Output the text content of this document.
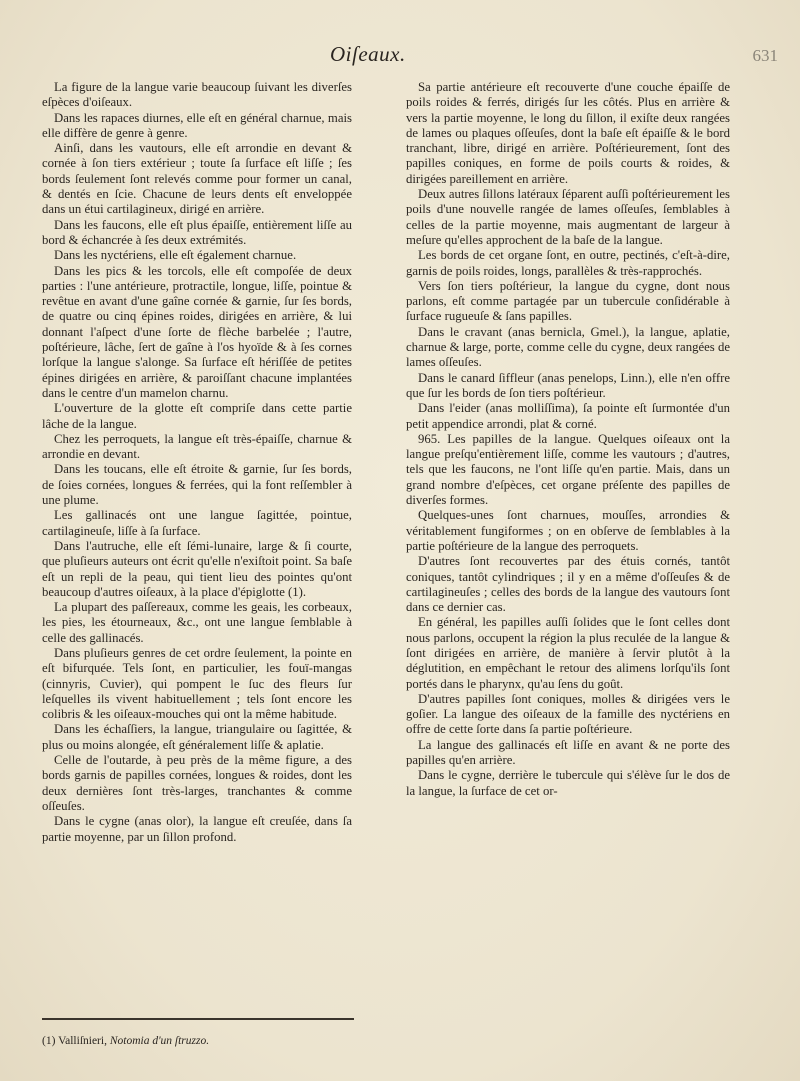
Oiſeaux.	631

La figure de la langue varie beaucoup ſuivant les diverſes eſpèces d'oiſeaux.

Dans les rapaces diurnes, elle eſt en général charnue, mais elle diffère de genre à genre.

Ainſi, dans les vautours, elle eſt arrondie en devant & cornée à ſon tiers extérieur ; toute ſa ſurface eſt liſſe ; ſes bords ſeulement ſont relevés comme pour former un canal, & dentés en ſcie. Chacune de leurs dents eſt enveloppée dans un étui cartilagineux, dirigé en arrière.

Dans les faucons, elle eſt plus épaiſſe, entièrement liſſe au bord & échancrée à ſes deux extrémités.

Dans les nyctériens, elle eſt également charnue.

Dans les pics & les torcols, elle eſt compoſée de deux parties : l'une antérieure, protractile, longue, liſſe, pointue & revêtue en avant d'une gaîne cornée & garnie, ſur ſes bords, de quatre ou cinq épines roides, dirigées en arrière, & lui donnant l'aſpect d'une ſorte de flèche barbelée ; l'autre, poſtérieure, lâche, ſert de gaîne à l'os hyoïde & à ſes cornes lorſque la langue s'alonge. Sa ſurface eſt hériſſée de petites épines dirigées en arrière, & paroiſſant chacune implantées dans le centre d'un mamelon charnu.

L'ouverture de la glotte eſt compriſe dans cette partie lâche de la langue.

Chez les perroquets, la langue eſt très-épaiſſe, charnue & arrondie en devant.

Dans les toucans, elle eſt étroite & garnie, ſur ſes bords, de ſoies cornées, longues & ferrées, qui la font reſſembler à une plume.

Les gallinacés ont une langue ſagittée, pointue, cartilagineuſe, liſſe à ſa ſurface.

Dans l'autruche, elle eſt ſémi-lunaire, large & ſi courte, que pluſieurs auteurs ont écrit qu'elle n'exiſtoit point. Sa baſe eſt un repli de la peau, qui tient lieu des pointes qu'ont beaucoup d'autres oiſeaux, à la place d'épiglotte (1).

La plupart des paſſereaux, comme les geais, les corbeaux, les pies, les étourneaux, &c., ont une langue ſemblable à celle des gallinacés.

Dans pluſieurs genres de cet ordre ſeulement, la pointe en eſt bifurquée. Tels ſont, en particulier, les fouï-mangas (cinnyris, Cuvier), qui pompent le ſuc des fleurs ſur leſquelles ils vivent habituellement ; tels ſont encore les colibris & les oiſeaux-mouches qui ont la même habitude.

Dans les échaſſiers, la langue, triangulaire ou ſagittée, & plus ou moins alongée, eſt généralement liſſe & aplatie.

Celle de l'outarde, à peu près de la même figure, a des bords garnis de papilles cornées, longues & roides, dont les deux dernières ſont très-larges, tranchantes & comme oſſeuſes.

Dans le cygne (anas olor), la langue eſt creuſée, dans ſa partie moyenne, par un ſillon profond.

Sa partie antérieure eſt recouverte d'une couche épaiſſe de poils roides & ferrés, dirigés ſur les côtés. Plus en arrière & vers la partie moyenne, le long du ſillon, il exiſte deux rangées de lames ou plaques oſſeuſes, dont la baſe eſt épaiſſe & le bord tranchant, libre, dirigé en arrière. Poſtérieurement, ſont des papilles coniques, en forme de poils courts & roides, & dirigées pareillement en arrière.

Deux autres ſillons latéraux ſéparent auſſi poſtérieurement les poils d'une nouvelle rangée de lames oſſeuſes, ſemblables à celles de la partie moyenne, mais augmentant de largeur à meſure qu'elles approchent de la baſe de la langue.

Les bords de cet organe ſont, en outre, pectinés, c'eſt-à-dire, garnis de poils roides, longs, parallèles & très-rapprochés.

Vers ſon tiers poſtérieur, la langue du cygne, dont nous parlons, eſt comme partagée par un tubercule conſidérable à ſurface rugueuſe & ſans papilles.

Dans le cravant (anas bernicla, Gmel.), la langue, aplatie, charnue & large, porte, comme celle du cygne, deux rangées de lames oſſeuſes.

Dans le canard ſiffleur (anas penelops, Linn.), elle n'en offre que ſur les bords de ſon tiers poſtérieur.

Dans l'eider (anas molliſſima), ſa pointe eſt ſurmontée d'un petit appendice arrondi, plat & corné.

965. Les papilles de la langue. Quelques oiſeaux ont la langue preſqu'entièrement liſſe, comme les vautours ; d'autres, tels que les faucons, ne l'ont liſſe qu'en partie. Mais, dans un grand nombre d'eſpèces, cet organe préſente des papilles de diverſes formes.

Quelques-unes ſont charnues, mouſſes, arrondies & véritablement fungiformes ; on en obſerve de ſemblables à la partie poſtérieure de la langue des perroquets.

D'autres ſont recouvertes par des étuis cornés, tantôt coniques, tantôt cylindriques ; il y en a même d'oſſeuſes & de cartilagineuſes ; celles des bords de la langue des vautours ſont dans ce dernier cas.

En général, les papilles auſſi ſolides que le ſont celles dont nous parlons, occupent la région la plus reculée de la langue & ſont dirigées en arrière, de manière à ſervir plutôt à la déglutition, en empêchant le retour des alimens lorſqu'ils ſont portés dans le pharynx, qu'au ſens du goût.

D'autres papilles ſont coniques, molles & dirigées vers le goſier. La langue des oiſeaux de la famille des nyctériens en offre de cette ſorte dans ſa partie poſtérieure.

La langue des gallinacés eſt liſſe en avant & ne porte des papilles qu'en arrière.

Dans le cygne, derrière le tubercule qui s'élève ſur le dos de la langue, la ſurface de cet or-

(1) Valliſnieri, Notomia d'un ſtruzzo.
